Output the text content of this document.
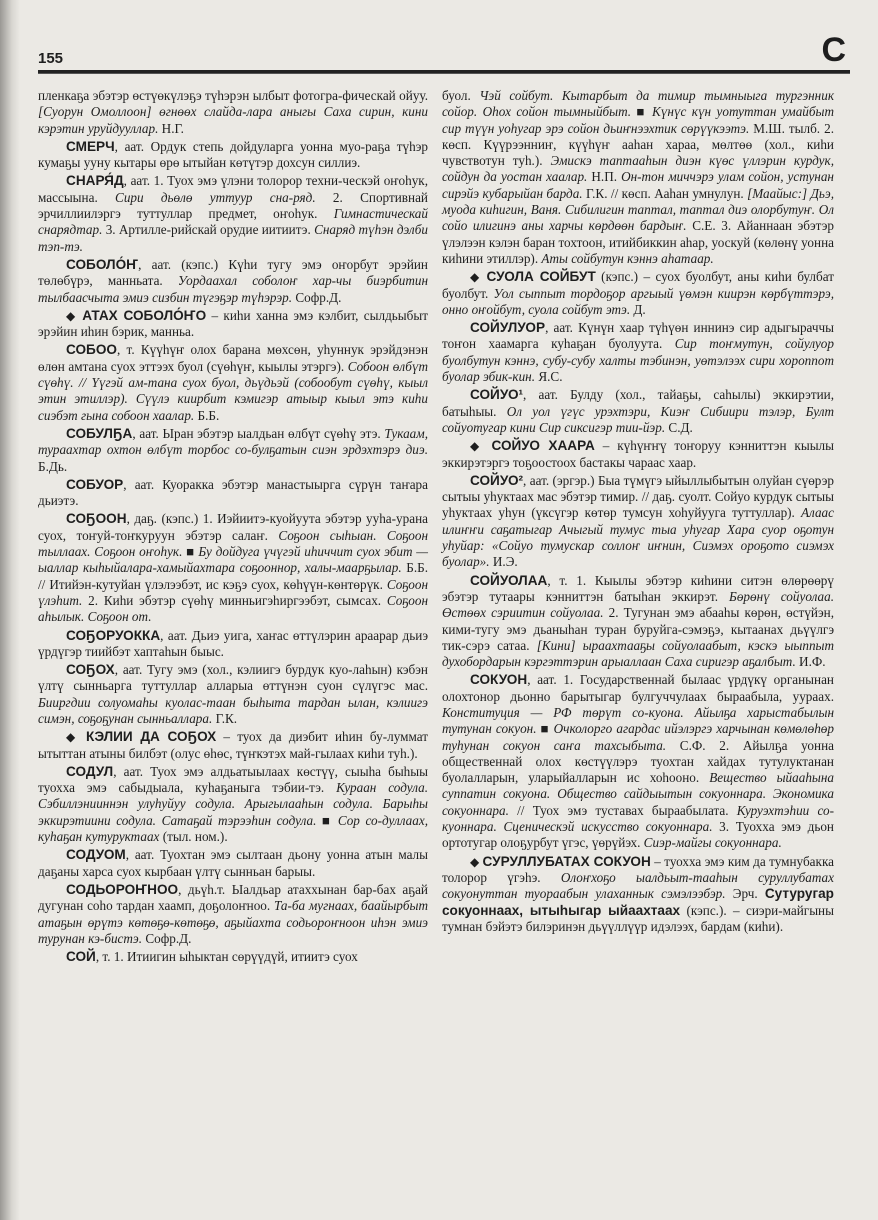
155	С

пленкаҕа эбэтэр өстүөкүлэҕэ түһэрэн ылбыт фотогра-фическай ойуу. [Суорун Омоллоон] өгнөөх слайда-лара аныгы Саха сирин, кини кэрэтин уруйдууллар. Н.Г.

СМЕРЧ, аат. Ордук степь дойдуларга уонна муо-раҕа түһэр кумаҕы ууну кытары өрө ытыйан көтүтэр дохсун силлиэ.

СНАРЯ́Д, аат. 1. Туох эмэ үлэни толорор техни-ческэй оҥоһук, массыына. Сири дьөлө уттуур сна-ряд. 2. Спортивнай эрчиллиилэргэ туттуллар предмет, оҥоһук. Гимнастическай снарядтар. 3. Артилле-рийскай орудие иитиитэ. Снаряд түһэн дэлби тэп-тэ.

СОБОЛО́Ҥ, аат. (кэпс.) Күһи тугу эмэ оҥорбут эрэйин төлөбүрэ, манньата. Уордаахал соболоҥ хар-чы биэрбитин тылбаасчыта эмиэ сизбин түгэҕэр түһэрэр. Софр.Д.

◆ АТАХ СОБОЛО́ҤО – киһи ханна эмэ кэлбит, сылдьыбыт эрэйин иһин бэрик, манньа.

СОБОО, т. Күүһүҥ олох барана мөхсөн, уһуннук эрэйдэнэн өлөн амтана суох эттээх буол (сүөһүҥ, кыылы этэргэ). Собоон өлбүт сүөһү. // Үүгэй ам-тана суох буол, дьүдьэй (собообут сүөһү, кыыл этин этиллэр). Сүүлэ киирбит кэмигэр атыыр кыыл этэ киһи сиэбэт гына собоон хаалар. Б.Б.

СОБУЛҔА, аат. Ыран эбэтэр ыалдьан өлбүт сүөһү этэ. Тукаам, тураахтар охтон өлбүт торбос со-булҕатын сиэн эрдэхтэрэ диэ. Б.Дь.

СОБУОР, аат. Куоракка эбэтэр манастыырга сүрүн таҥара дьиэтэ.

СОҔООН, даҕ. (кэпс.) 1. Иэйиитэ-куойуута эбэтэр ууһа-урана суох, тоҥуй-тоҥкуруун эбэтэр салаҥ. Соҕоон сыһыан. Соҕоон тыллаах. Соҕоон оҥоһук. ■ Бу дойдуга үчүгэй иһиччит суох эбит — ыаллар кыһыйалара-хамыйахтара соҕооннор, халы-маарҕылар. Б.Б. // Итийэн-кутуйан үлэлээбэт, ис кэҕэ суох, көһүүн-көнтөрүк. Соҕоон үлэһит. 2. Киһи эбэтэр сүөһү минньигэһиргээбэт, сымсах. Соҕоон аһылык. Соҕоон от.

СОҔОРУОККА, аат. Дьиэ уига, хаҥас өттүлэрин араарар дьиэ үрдүгэр тиийбэт хаптаһын быыс.

СОҔОХ, аат. Тугу эмэ (хол., кэлиигэ бурдук куо-лаһын) кэбэн үлтү сынньарга туттуллар алларыа өттүнэн суон сүлүгэс мас. Бииргдии солуомаһы куолас-таан быһыта тардан ылан, кэлиигэ симэн, соҕоҕунан сынньаллара. Г.К.

◆ КЭЛИИ ДА СОҔОХ – туох да диэбит иһин бу-луммат ытыттан атыны билбэт (олус өһөс, түҥкэтэх май-гылаах киһи туһ.).

СОДУЛ, аат. Туох эмэ алдьатыылаах көстүү, сыыһа быһыы туохха эмэ сабыдыала, куһаҕаныга тэбии-тэ. Кураан содула. Сэбиллэнииннэн улуһуйуу содула. Арыгылааһын содула. Барыһы эккирэтиини содула. Сатаҕай тэрээһин содула. ■ Сор со-дуллаах, куһаҕан кутуруктаах (тыл. ном.).

СОДУОМ, аат. Туохтан эмэ сылтаан дьону уонна атын малы даҕаны харса суох кырбаан үлтү сынньан барыы.

СОДЬОРОҤНОО, дьүһ.т. Ыалдьар атаххынан бар-бах аҕай дугунан соһо тардан хаамп, доҕолоҥноо. Та-ба мугнаах, баайырбыт атаҕын өрүтэ көтөҕө-көтөҕө, аҕыйахта содьороҥноон иһэн эмиэ турунан кэ-бистэ. Софр.Д.

СОЙ, т. 1. Итиигин ыһыктан сөрүүдүй, итиитэ суох

буол. Чэй сойбут. Кытарбыт да тимир тымныыга тургэнник сойор. Оһох сойон тымныйбыт. ■ Күнүс күн уотуттан умайбыт сир түүн уоһугар эрэ сойон дьиҥнээхтик сөрүүкээтэ. М.Ш. тылб. 2. көсп. Күүрээнниҥ, күүһүҥ ааһан хараа, мөлтөө (хол., киһи чувствотун туһ.). Эмискэ таптааһын диэн күөс үллэрин курдук, сойдун да уостан хаалар. Н.П. Он-тон миччэрэ улам сойон, устунан сирэйэ кубарыйан барда. Г.К. // көсп. Ааһан умнулун. [Маайыс:] Дьэ, муода киһигин, Ваня. Сибилигин таптал, таптал диэ олорбутуҥ. Ол сойо илигинэ аны харчы көрдөөн бардыҥ. С.Е. 3. Айаннаан эбэтэр үлэлээн кэлэн баран тохтоон, итийбиккин аһар, уоскуй (көлөнү уонна киһини этиллэр). Аты сойбутун кэннэ аһатаар.

◆ СУОЛА СОЙБУТ (кэпс.) – суох буолбут, аны киһи булбат буолбут. Уол сыппыт тордоҕор аргыый үөмэн киирэн көрбүттэрэ, онно оҥойбут, суола сойбут этэ. Д.

СОЙУЛУОР, аат. Күнүн хаар түһүөн иннинэ сир адыгыраччы тоҥон хаамарга куһаҕан буолуута. Сир тоҥмутун, сойулуор буолбутун кэннэ, субу-субу халты тэбинэн, уөтэлээх сири хороппот буолар эбик-кин. Я.С.

СОЙУО¹, аат. Булду (хол., тайаҕы, саһылы) эккирэтии, батыһыы. Ол уол үгүс урэхтэри, Киэҥ Сибиири тэлэр, Булт сойуотугар кини Сир сиксигэр тии-йэр. С.Д.

◆ СОЙУО ХААРА – күһүҥҥү тоҥоруу кэнниттэн кыылы эккирэтэргэ тоҕоостоох бастакы чараас хаар.

СОЙУО², аат. (эргэр.) Быа түмүгэ ыйыллыбытын олуйан сүөрэр сытыы уһуктаах мас эбэтэр тимир. // даҕ. суолт. Сойуо курдук сытыы уһуктаах уһун (үксүгэр көтөр тумсун хоһуйууга туттуллар). Алаас илиҥҥи саҕатыгар Ачыгый тумус тыа уһугар Хара суор оҕотун уһуйар: «Сойуо тумускар соллоҥ иҥнин, Сиэмэх ороҕото сиэмэх буолар». И.Э.

СОЙУОЛАА, т. 1. Кыылы эбэтэр киһини ситэн өлөрөөрү эбэтэр тутаары кэнниттэн батыһан эккирэт. Бөрөнү сойуолаа. Өстөөх сэриитин сойуолаа. 2. Тугунан эмэ абааһы көрөн, өстүйэн, кими-тугу эмэ дьаныһан туран буруйга-сэмэҕэ, кытаанах дьүүлгэ тик-сэрэ сатаа. [Кини] ыраахтааҕы сойуолаабыт, кэскэ ыыппыт духобордарын кэргэттэрин арыаллаан Саха сиригэр аҕалбыт. И.Ф.

СОКУОН, аат. 1. Государственнай былаас үрдүкү органынан олохтонор дьонно барытыгар булгуччулаах быраабыла, уураах. Конституция — РФ төрүт со-куона. Айылҕа харыстабылын тутунан сокуон. ■ Очколорго агардас ийэлэргэ харчынан көмөлөһөр туһунан сокуон саҥа тахсыбыта. С.Ф. 2. Айылҕа уонна общественнай олох көстүүлэрэ туохтан хайдах тутулуктанан буолалларын, уларыйалларын ис хоһооно. Вещество ыйааһына суппатин сокуона. Общество сайдыытын сокуоннара. Экономика сокуоннара. // Туох эмэ туставах быраабылата. Куруэхтэһии со-куоннара. Сценическэй искусство сокуоннара. 3. Туохха эмэ дьон ортотугар олоҕурбут үгэс, үөрүйэх. Сиэр-майгы сокуоннара.

◆ СУРУЛЛУБАТАХ СОКУОН – туохха эмэ ким да тумнубакка толорор үгэһэ. Олоҥхоҕо ыалдьыт-тааһын суруллубатах сокуонуттан туораабын улаханнык сэмэлээбэр. Эрч. Сутуругар сокуоннаах, ытыһыгар ыйаахтаах (кэпс.). – сиэри-майгыны тумнан бэйэтэ билэринэн дьүүллүүр идэлээх, бардам (киһи).
